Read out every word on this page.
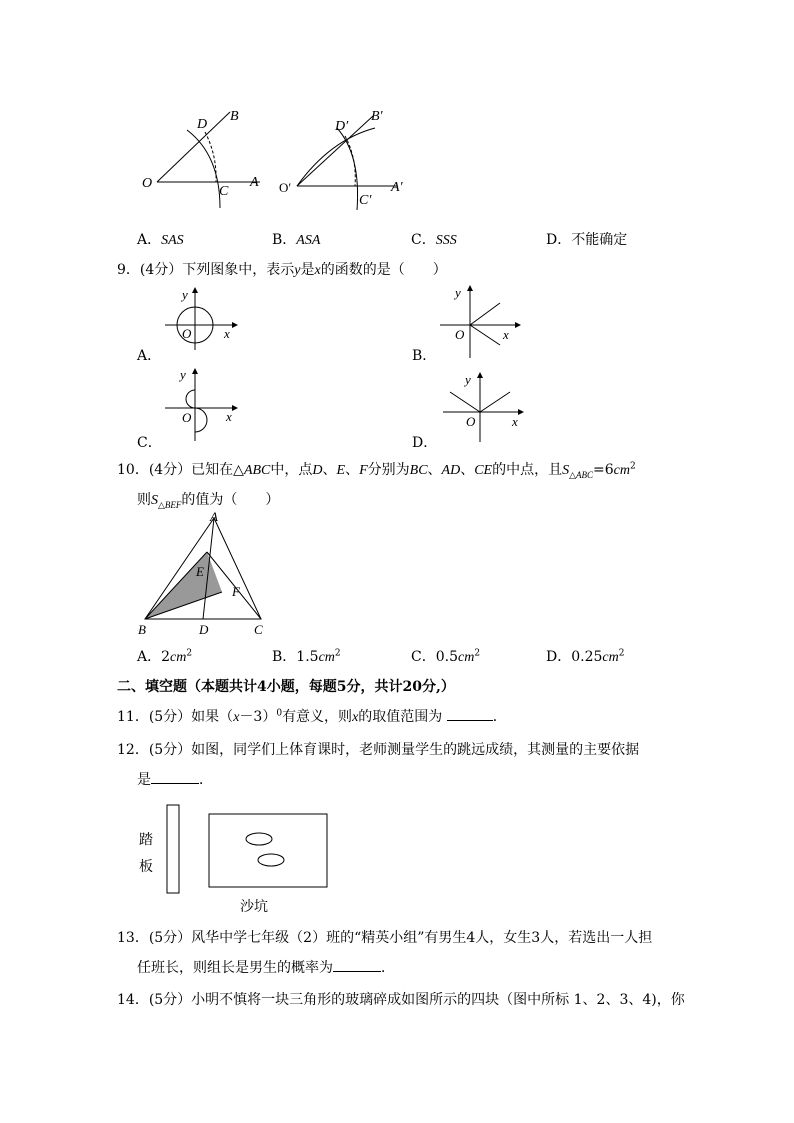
O	A
B
C
D
O′	A′
B′
C′
D′
A．SAS	B．ASA	C．SSS	D．不能确定
9．(4分）下列图象中，表示y是x的函数的是（　　）
y
x
O
A．
y
x
O
B．
y
x
O
C．
y
x
O
D．
10．(4分）已知在△ABC中，点D、E、F分别为BC、AD、CE的中点，且$S_{\triangle ABC}=6cm^2$
则$S_{\triangle BEF}$的值为（　　）
A
B	C
D
E
F
A．$2cm^2$	B．$1.5cm^2$	C．$0.5cm^2$	D．$0.25cm^2$
二、填空题（本题共计4小题，每题5分，共计20分,）
11．(5分）如果$(x-3)^0$有意义，则x的取值范围为	．
12．(5分）如图，同学们上体育课时，老师测量学生的跳远成绩，其测量的主要依据
是	．
踏
板
沙坑
13．(5分）风华中学七年级（2）班的“精英小组”有男生4人，女生3人，若选出一人担
任班长，则组长是男生的概率为	．
14．(5分）小明不慎将一块三角形的玻璃碎成如图所示的四块（图中所标 1、2、3、4)，你
